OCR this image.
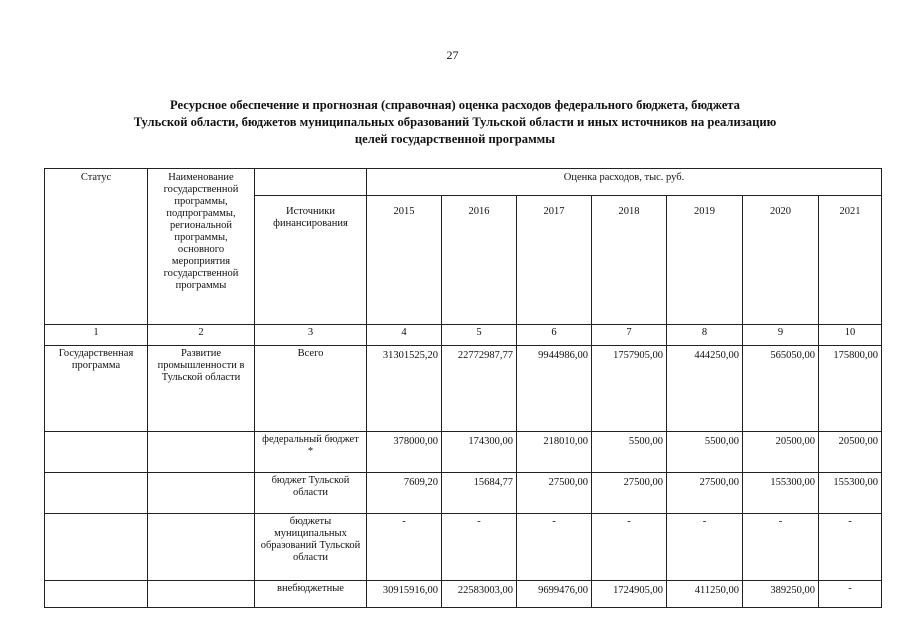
27
Ресурсное обеспечение и прогнозная (справочная) оценка расходов федерального бюджета, бюджета
Тульской области, бюджетов муниципальных образований Тульской области и иных источников на реализацию
целей государственной программы
Статус	Наименование государственной программы, подпрограммы, региональной программы, основного мероприятия государственной программы		Оценка расходов, тыс. руб.						
		Источники финансирования	2015	2016	2017	2018	2019	2020	2021
1	2	3	4	5	6	7	8	9	10
Государственная программа	Развитие промышленности в Тульской области	Всего	31301525,20	22772987,77	9944986,00	1757905,00	444250,00	565050,00	175800,00
		федеральный бюджет *	378000,00	174300,00	218010,00	5500,00	5500,00	20500,00	20500,00
		бюджет Тульской области	7609,20	15684,77	27500,00	27500,00	27500,00	155300,00	155300,00
		бюджеты муниципальных образований Тульской области	-	-	-	-	-	-	-
		внебюджетные	30915916,00	22583003,00	9699476,00	1724905,00	411250,00	389250,00	-
